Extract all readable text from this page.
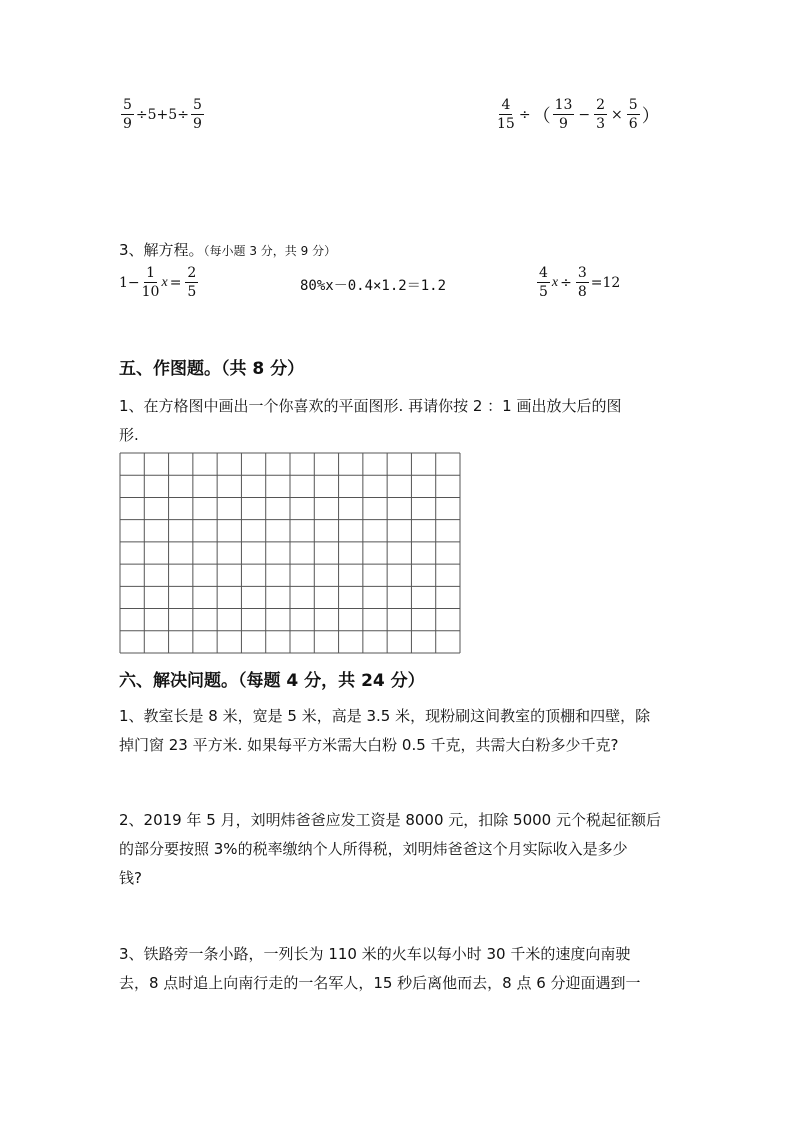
$\frac{5}{9} \div 5+5\div \frac{5}{9}$	$\frac{4}{15}$ ÷ （ $\frac{13}{9} - \frac{2}{3} \times \frac{5}{6}$ ）
3、解方程。（每小题 3 分，共 9 分）
$1- \frac{1}{10}$ $x = \frac{2}{5}$	80%x－0.4×1.2＝1.2	$\frac{4}{5}$ $x \div \frac{3}{8} =12$
五、作图题。（共 8 分）
1、在方格图中画出一个你喜欢的平面图形. 再请你按 2 ：1 画出放大后的图
形.
六、解决问题。（每题 4 分，共 24 分）
1、教室长是 8 米，宽是 5 米，高是 3.5 米，现粉刷这间教室的顶棚和四壁，除
掉门窗 23 平方米. 如果每平方米需大白粉 0.5 千克，共需大白粉多少千克?
2、2019 年 5 月，刘明炜爸爸应发工资是 8000 元，扣除 5000 元个税起征额后
的部分要按照 3%的税率缴纳个人所得税，刘明炜爸爸这个月实际收入是多少
钱?
3、铁路旁一条小路，一列长为 110 米的火车以每小时 30 千米的速度向南驶
去，8 点时追上向南行走的一名军人，15 秒后离他而去，8 点 6 分迎面遇到一
